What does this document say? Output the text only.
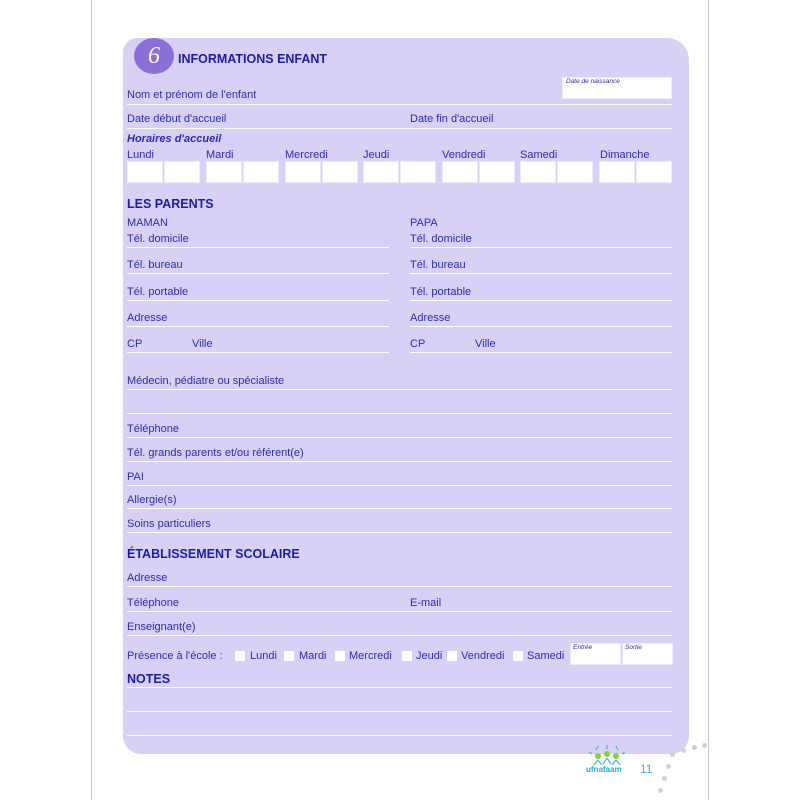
6	INFORMATIONS ENFANT
Date de naissance
Nom et prénom de l'enfant
Date début d'accueil	Date fin d'accueil
Horaires d'accueil
Lundi	Mardi	Mercredi	Jeudi	Vendredi	Samedi	Dimanche
LES PARENTS
MAMAN	PAPA
Tél. domicile	Tél. domicile
Tél. bureau	Tél. bureau
Tél. portable	Tél. portable
Adresse	Adresse
CP	Ville	CP	Ville
Médecin, pédiatre ou spécialiste
Téléphone
Tél. grands parents et/ou référent(e)
PAI
Allergie(s)
Soins particuliers
ÉTABLISSEMENT SCOLAIRE
Adresse
Téléphone	E-mail
Enseignant(e)
Présence à l'école : Lundi Mardi Mercredi Jeudi Vendredi Samedi
Entrée	Sortie
NOTES
ufnafaam 11
